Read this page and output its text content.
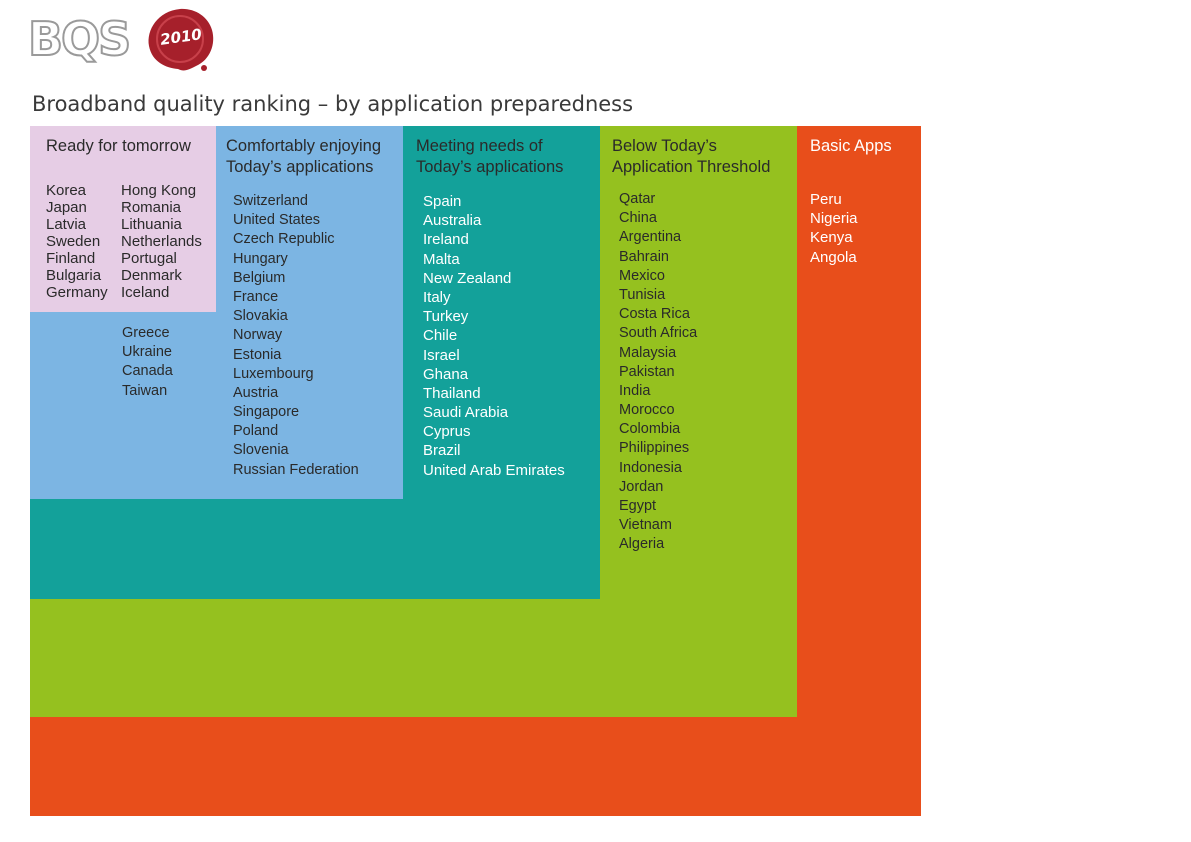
BQS	2010
Broadband quality ranking – by application preparedness
Ready for tomorrow
Korea
Japan
Latvia
Sweden
Finland
Bulgaria
Germany
Hong Kong
Romania
Lithuania
Netherlands
Portugal
Denmark
Iceland
Greece
Ukraine
Canada
Taiwan
Comfortably enjoying
Today’s applications
Switzerland
United States
Czech Republic
Hungary
Belgium
France
Slovakia
Norway
Estonia
Luxembourg
Austria
Singapore
Poland
Slovenia
Russian Federation
Meeting needs of
Today’s applications
Spain
Australia
Ireland
Malta
New Zealand
Italy
Turkey
Chile
Israel
Ghana
Thailand
Saudi Arabia
Cyprus
Brazil
United Arab Emirates
Below Today’s
Application Threshold
Qatar
China
Argentina
Bahrain
Mexico
Tunisia
Costa Rica
South Africa
Malaysia
Pakistan
India
Morocco
Colombia
Philippines
Indonesia
Jordan
Egypt
Vietnam
Algeria
Basic Apps
Peru
Nigeria
Kenya
Angola
